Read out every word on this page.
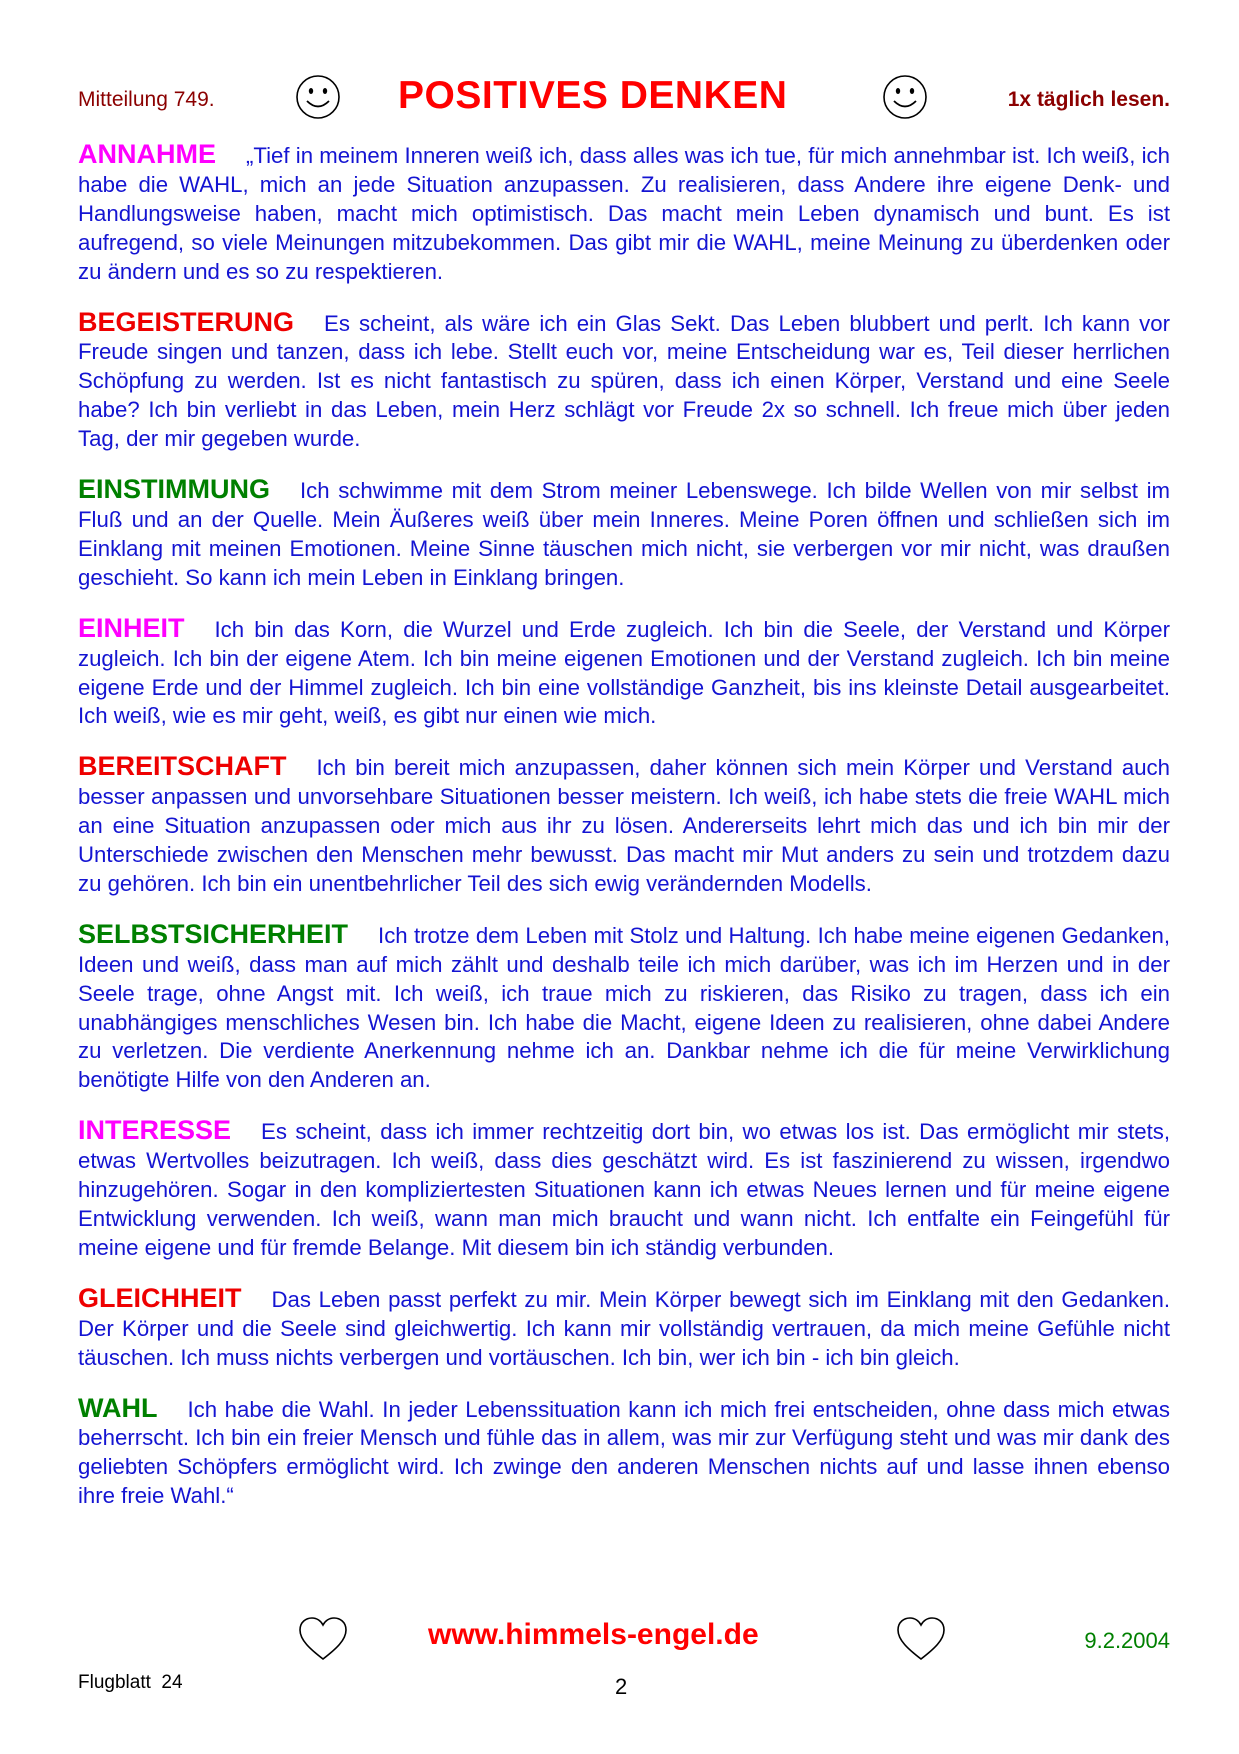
Mitteilung 749.	POSITIVES DENKEN	1x täglich lesen.

ANNAHME „Tief in meinem Inneren weiß ich, dass alles was ich tue, für mich annehmbar ist. Ich weiß, ich habe die WAHL, mich an jede Situation anzupassen. Zu realisieren, dass Andere ihre eigene Denk- und Handlungsweise haben, macht mich optimistisch. Das macht mein Leben dynamisch und bunt. Es ist aufregend, so viele Meinungen mitzubekommen. Das gibt mir die WAHL, meine Meinung zu überdenken oder zu ändern und es so zu respektieren.

BEGEISTERUNG Es scheint, als wäre ich ein Glas Sekt. Das Leben blubbert und perlt. Ich kann vor Freude singen und tanzen, dass ich lebe. Stellt euch vor, meine Entscheidung war es, Teil dieser herrlichen Schöpfung zu werden. Ist es nicht fantastisch zu spüren, dass ich einen Körper, Verstand und eine Seele habe? Ich bin verliebt in das Leben, mein Herz schlägt vor Freude 2x so schnell. Ich freue mich über jeden Tag, der mir gegeben wurde.

EINSTIMMUNG Ich schwimme mit dem Strom meiner Lebenswege. Ich bilde Wellen von mir selbst im Fluß und an der Quelle. Mein Äußeres weiß über mein Inneres. Meine Poren öffnen und schließen sich im Einklang mit meinen Emotionen. Meine Sinne täuschen mich nicht, sie verbergen vor mir nicht, was draußen geschieht. So kann ich mein Leben in Einklang bringen.

EINHEIT Ich bin das Korn, die Wurzel und Erde zugleich. Ich bin die Seele, der Verstand und Körper zugleich. Ich bin der eigene Atem. Ich bin meine eigenen Emotionen und der Verstand zugleich. Ich bin meine eigene Erde und der Himmel zugleich. Ich bin eine vollständige Ganzheit, bis ins kleinste Detail ausgearbeitet. Ich weiß, wie es mir geht, weiß, es gibt nur einen wie mich.

BEREITSCHAFT Ich bin bereit mich anzupassen, daher können sich mein Körper und Verstand auch besser anpassen und unvorsehbare Situationen besser meistern. Ich weiß, ich habe stets die freie WAHL mich an eine Situation anzupassen oder mich aus ihr zu lösen. Andererseits lehrt mich das und ich bin mir der Unterschiede zwischen den Menschen mehr bewusst. Das macht mir Mut anders zu sein und trotzdem dazu zu gehören. Ich bin ein unentbehrlicher Teil des sich ewig verändernden Modells.

SELBSTSICHERHEIT Ich trotze dem Leben mit Stolz und Haltung. Ich habe meine eigenen Gedanken, Ideen und weiß, dass man auf mich zählt und deshalb teile ich mich darüber, was ich im Herzen und in der Seele trage, ohne Angst mit. Ich weiß, ich traue mich zu riskieren, das Risiko zu tragen, dass ich ein unabhängiges menschliches Wesen bin. Ich habe die Macht, eigene Ideen zu realisieren, ohne dabei Andere zu verletzen. Die verdiente Anerkennung nehme ich an. Dankbar nehme ich die für meine Verwirklichung benötigte Hilfe von den Anderen an.

INTERESSE Es scheint, dass ich immer rechtzeitig dort bin, wo etwas los ist. Das ermöglicht mir stets, etwas Wertvolles beizutragen. Ich weiß, dass dies geschätzt wird. Es ist faszinierend zu wissen, irgendwo hinzugehören. Sogar in den kompliziertesten Situationen kann ich etwas Neues lernen und für meine eigene Entwicklung verwenden. Ich weiß, wann man mich braucht und wann nicht. Ich entfalte ein Feingefühl für meine eigene und für fremde Belange. Mit diesem bin ich ständig verbunden.

GLEICHHEIT Das Leben passt perfekt zu mir. Mein Körper bewegt sich im Einklang mit den Gedanken. Der Körper und die Seele sind gleichwertig. Ich kann mir vollständig vertrauen, da mich meine Gefühle nicht täuschen. Ich muss nichts verbergen und vortäuschen. Ich bin, wer ich bin - ich bin gleich.

WAHL Ich habe die Wahl. In jeder Lebenssituation kann ich mich frei entscheiden, ohne dass mich etwas beherrscht. Ich bin ein freier Mensch und fühle das in allem, was mir zur Verfügung steht und was mir dank des geliebten Schöpfers ermöglicht wird. Ich zwinge den anderen Menschen nichts auf und lasse ihnen ebenso ihre freie Wahl.“

www.himmels-engel.de	9.2.2004
Flugblatt  24	2
